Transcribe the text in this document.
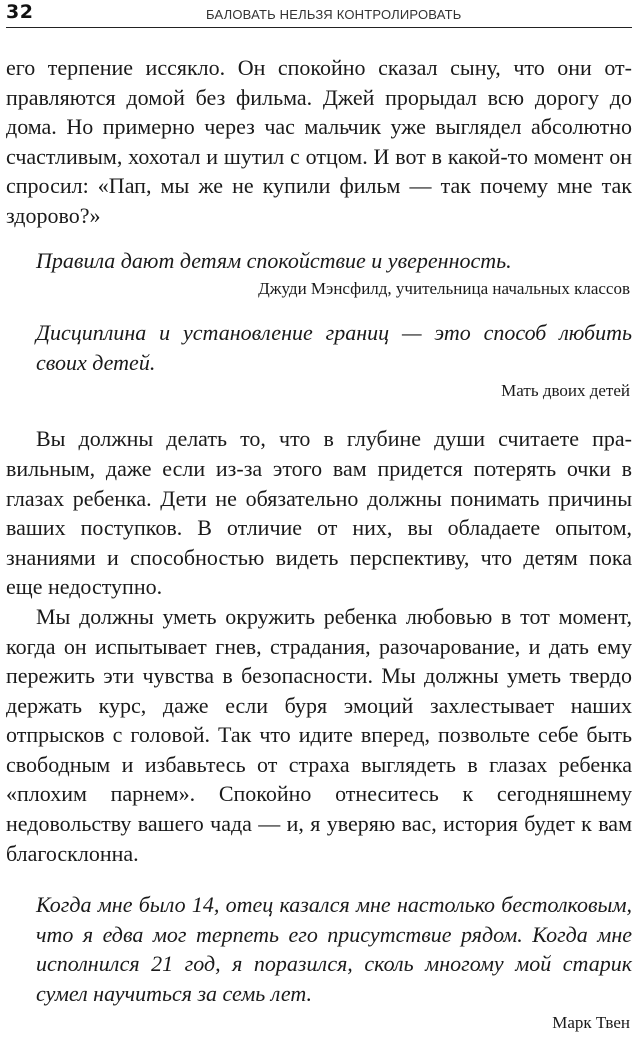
32	БАЛОВАТЬ НЕЛЬЗЯ КОНТРОЛИРОВАТЬ

его терпение иссякло. Он спокойно сказал сыну, что они отправляются домой без фильма. Джей прорыдал всю дорогу до дома. Но примерно через час мальчик уже выглядел абсолютно счастливым, хохотал и шутил с отцом. И вот в какой-то момент он спросил: «Пап, мы же не купили фильм — так почему мне так здорово?»

Правила дают детям спокойствие и уверенность.

Джуди Мэнсфилд, учительница начальных классов

Дисциплина и установление границ — это способ любить своих детей.

Мать двоих детей

Вы должны делать то, что в глубине души считаете правильным, даже если из-за этого вам придется потерять очки в глазах ребенка. Дети не обязательно должны понимать причины ваших поступков. В отличие от них, вы обладаете опытом, знаниями и способностью видеть перспективу, что детям пока еще недоступно.

Мы должны уметь окружить ребенка любовью в тот момент, когда он испытывает гнев, страдания, разочарование, и дать ему пережить эти чувства в безопасности. Мы должны уметь твердо держать курс, даже если буря эмоций захлестывает наших отпрысков с головой. Так что идите вперед, позвольте себе быть свободным и избавьтесь от страха выглядеть в глазах ребенка «плохим парнем». Спокойно отнеситесь к сегодняшнему недовольству вашего чада — и, я уверяю вас, история будет к вам благосклонна.

Когда мне было 14, отец казался мне настолько бестолковым, что я едва мог терпеть его присутствие рядом. Когда мне исполнился 21 год, я поразился, сколь многому мой старик сумел научиться за семь лет.

Марк Твен
